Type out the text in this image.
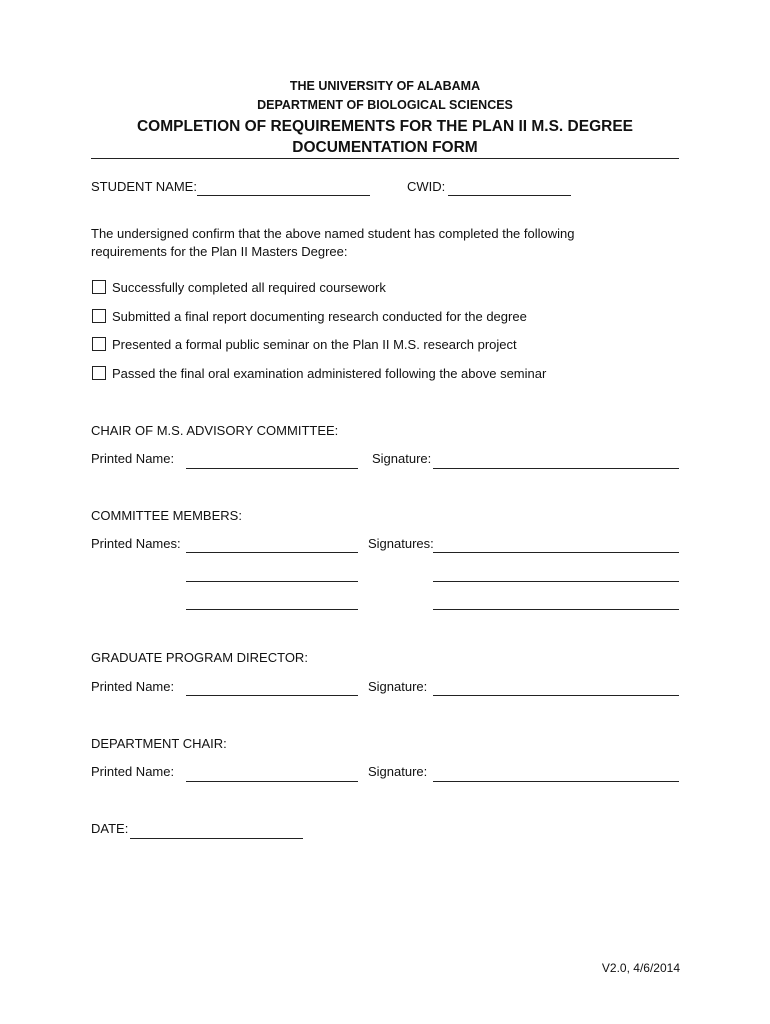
THE UNIVERSITY OF ALABAMA
DEPARTMENT OF BIOLOGICAL SCIENCES
COMPLETION OF REQUIREMENTS FOR THE PLAN II M.S. DEGREE
DOCUMENTATION FORM
STUDENT NAME:	CWID:
The undersigned confirm that the above named student has completed the following
requirements for the Plan II Masters Degree:
Successfully completed all required coursework
Submitted a final report documenting research conducted for the degree
Presented a formal public seminar on the Plan II M.S. research project
Passed the final oral examination administered following the above seminar
CHAIR OF M.S. ADVISORY COMMITTEE:
Printed Name:	Signature:
COMMITTEE MEMBERS:
Printed Names:	Signatures:
GRADUATE PROGRAM DIRECTOR:
Printed Name:	Signature:
DEPARTMENT CHAIR:
Printed Name:	Signature:
DATE:
V2.0, 4/6/2014
